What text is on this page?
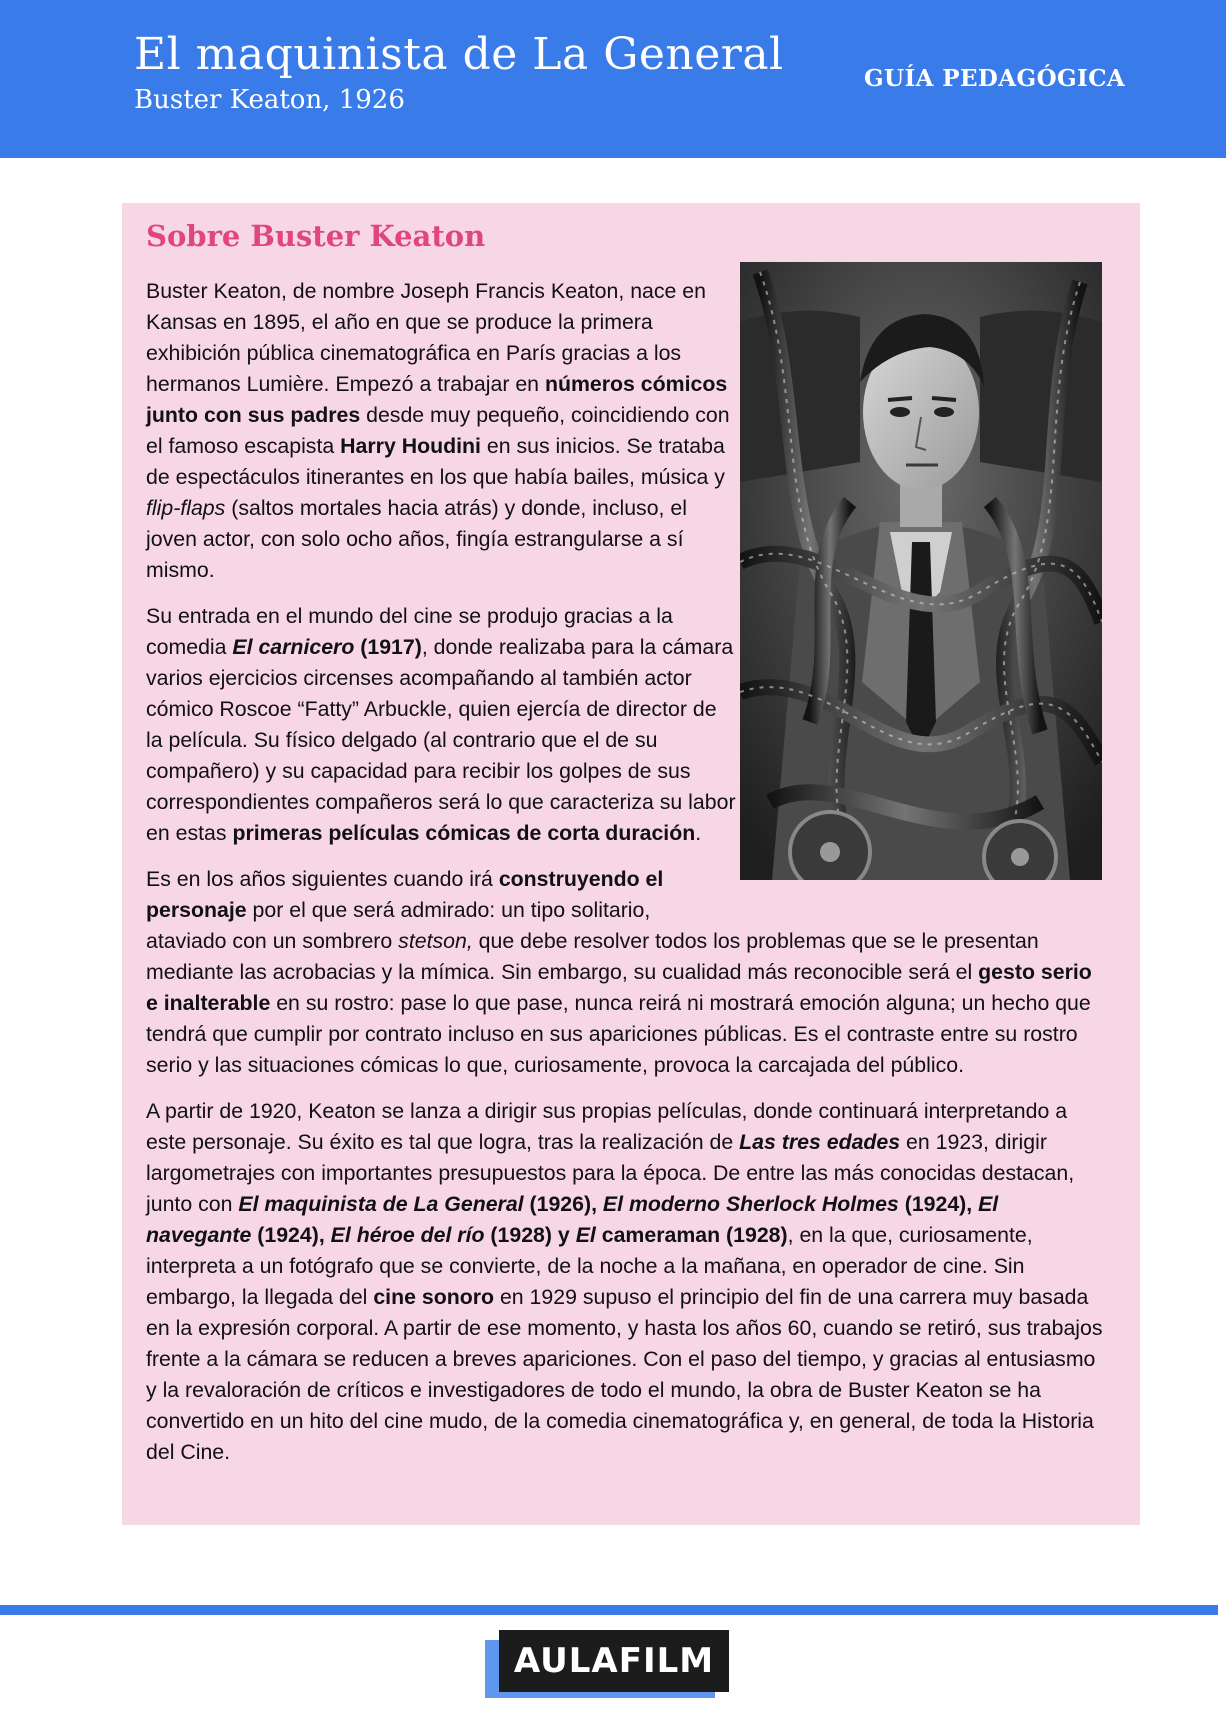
El maquinista de La General
Buster Keaton, 1926
GUÍA PEDAGÓGICA
Sobre Buster Keaton

Buster Keaton, de nombre Joseph Francis Keaton, nace en Kansas en 1895, el año en que se produce la primera exhibición pública cinematográfica en París gracias a los hermanos Lumière. Empezó a trabajar en números cómicos junto con sus padres desde muy pequeño, coincidiendo con el famoso escapista Harry Houdini en sus inicios. Se trataba de espectáculos itinerantes en los que había bailes, música y flip-flaps (saltos mortales hacia atrás) y donde, incluso, el joven actor, con solo ocho años, fingía estrangularse a sí mismo.

Su entrada en el mundo del cine se produjo gracias a la comedia El carnicero (1917), donde realizaba para la cámara varios ejercicios circenses acompañando al también actor cómico Roscoe “Fatty” Arbuckle, quien ejercía de director de la película. Su físico delgado (al contrario que el de su compañero) y su capacidad para recibir los golpes de sus correspondientes compañeros será lo que caracteriza su labor en estas primeras películas cómicas de corta duración.

Es en los años siguientes cuando irá construyendo el personaje por el que será admirado: un tipo solitario, ataviado con un sombrero stetson, que debe resolver todos los problemas que se le presentan mediante las acrobacias y la mímica. Sin embargo, su cualidad más reconocible será el gesto serio e inalterable en su rostro: pase lo que pase, nunca reirá ni mostrará emoción alguna; un hecho que tendrá que cumplir por contrato incluso en sus apariciones públicas. Es el contraste entre su rostro serio y las situaciones cómicas lo que, curiosamente, provoca la carcajada del público.

A partir de 1920, Keaton se lanza a dirigir sus propias películas, donde continuará interpretando a este personaje. Su éxito es tal que logra, tras la realización de Las tres edades en 1923, dirigir largometrajes con importantes presupuestos para la época. De entre las más conocidas destacan, junto con El maquinista de La General (1926), El moderno Sherlock Holmes (1924), El navegante (1924), El héroe del río (1928) y El cameraman (1928), en la que, curiosamente, interpreta a un fotógrafo que se convierte, de la noche a la mañana, en operador de cine. Sin embargo, la llegada del cine sonoro en 1929 supuso el principio del fin de una carrera muy basada en la expresión corporal. A partir de ese momento, y hasta los años 60, cuando se retiró, sus trabajos frente a la cámara se reducen a breves apariciones. Con el paso del tiempo, y gracias al entusiasmo y la revaloración de críticos e investigadores de todo el mundo, la obra de Buster Keaton se ha convertido en un hito del cine mudo, de la comedia cinematográfica y, en general, de toda la Historia del Cine.

AULAFILM
